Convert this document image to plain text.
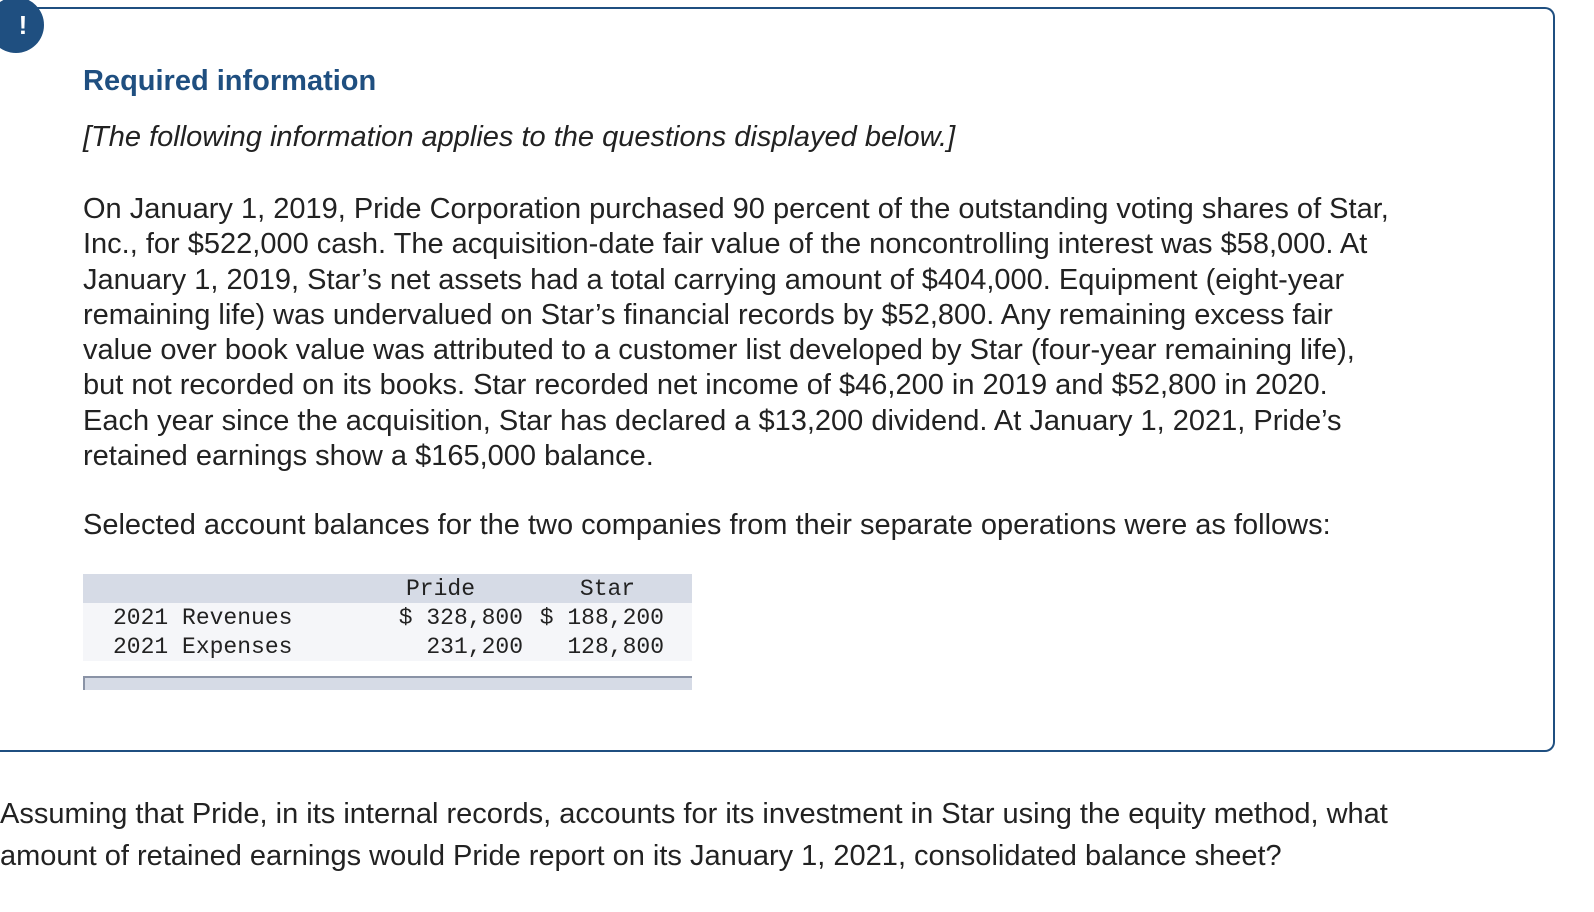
!
Required information

[The following information applies to the questions displayed below.]

On January 1, 2019, Pride Corporation purchased 90 percent of the outstanding voting shares of Star,
Inc., for $522,000 cash. The acquisition-date fair value of the noncontrolling interest was $58,000. At
January 1, 2019, Star’s net assets had a total carrying amount of $404,000. Equipment (eight-year
remaining life) was undervalued on Star’s financial records by $52,800. Any remaining excess fair
value over book value was attributed to a customer list developed by Star (four-year remaining life),
but not recorded on its books. Star recorded net income of $46,200 in 2019 and $52,800 in 2020.
Each year since the acquisition, Star has declared a $13,200 dividend. At January 1, 2021, Pride’s
retained earnings show a $165,000 balance.

Selected account balances for the two companies from their separate operations were as follows:

	Pride	Star
2021 Revenues	$ 328,800	$ 188,200
2021 Expenses	231,200	128,800

Assuming that Pride, in its internal records, accounts for its investment in Star using the equity method, what
amount of retained earnings would Pride report on its January 1, 2021, consolidated balance sheet?
